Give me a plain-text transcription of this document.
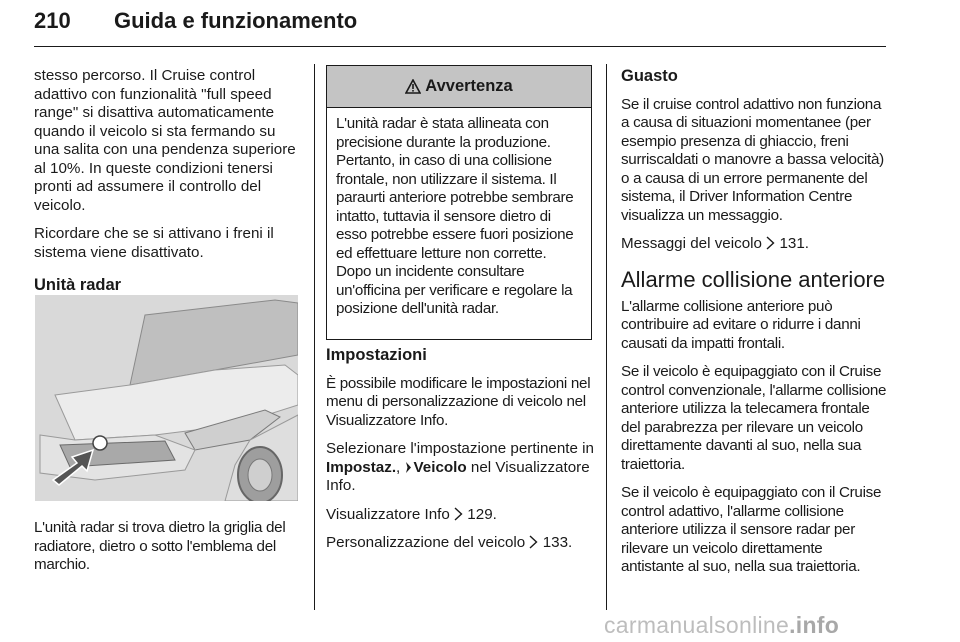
210 Guida e funzionamento

stesso percorso. Il Cruise control adattivo con funzionalità "full speed range" si disattiva automaticamente quando il veicolo si sta fermando su una salita con una pendenza superiore al 10%. In queste condizioni tenersi pronti ad assumere il controllo del veicolo.

Ricordare che se si attivano i freni il sistema viene disattivato.

Unità radar

L'unità radar si trova dietro la griglia del radiatore, dietro o sotto l'emblema del marchio.

Avvertenza
L'unità radar è stata allineata con precisione durante la produzione. Pertanto, in caso di una collisione frontale, non utilizzare il sistema. Il paraurti anteriore potrebbe sembrare intatto, tuttavia il sensore dietro di esso potrebbe essere fuori posizione ed effettuare letture non corrette. Dopo un incidente consultare un'officina per verificare e regolare la posizione dell'unità radar.
Impostazioni

È possibile modificare le impostazioni nel menu di personalizzazione di veicolo nel Visualizzatore Info.

Selezionare l'impostazione pertinente in Impostaz., Veicolo nel Visualizzatore Info.

Visualizzatore Info 129.

Personalizzazione del veicolo 133.

Guasto

Se il cruise control adattivo non funziona a causa di situazioni momentanee (per esempio presenza di ghiaccio, freni surriscaldati o manovre a bassa velocità) o a causa di un errore permanente del sistema, il Driver Information Centre visualizza un messaggio.

Messaggi del veicolo 131.

Allarme collisione anteriore

L'allarme collisione anteriore può contribuire ad evitare o ridurre i danni causati da impatti frontali.

Se il veicolo è equipaggiato con il Cruise control convenzionale, l'allarme collisione anteriore utilizza la telecamera frontale del parabrezza per rilevare un veicolo direttamente davanti al suo, nella sua traiettoria.

Se il veicolo è equipaggiato con il Cruise control adattivo, l'allarme collisione anteriore utilizza il sensore radar per rilevare un veicolo direttamente antistante al suo, nella sua traiettoria.

carmanualsonline.info
